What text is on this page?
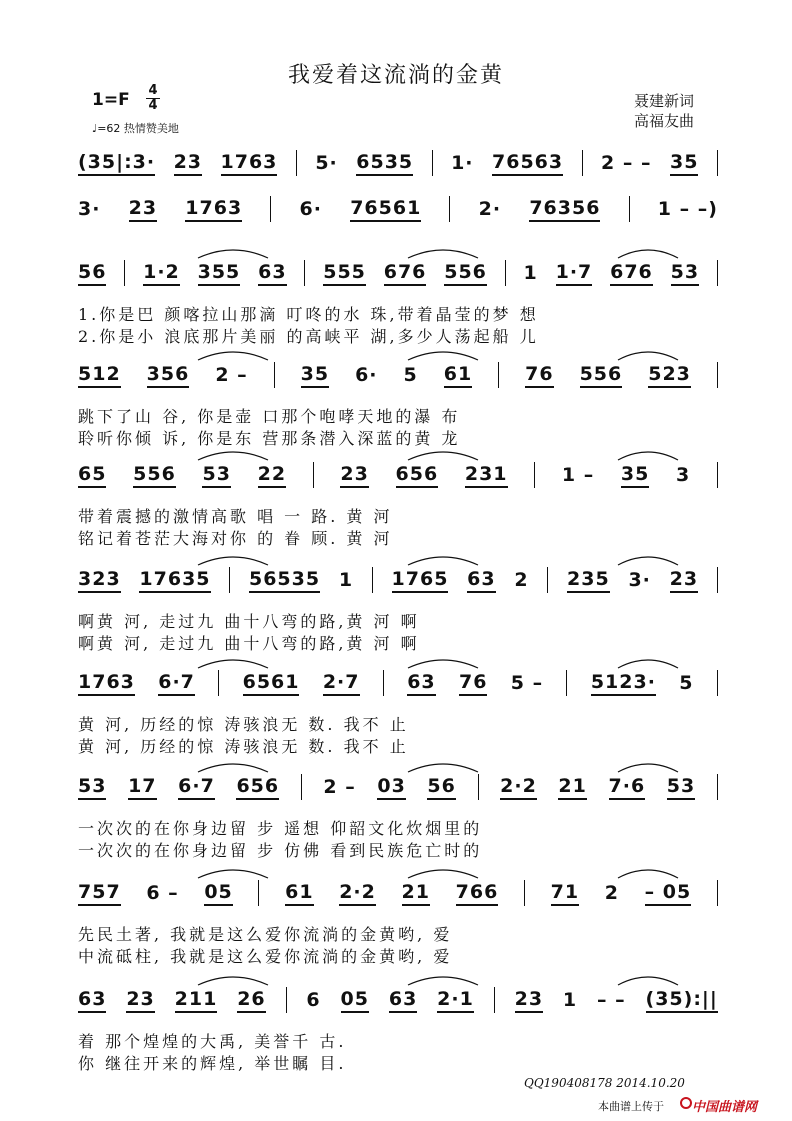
我爱着这流淌的金黄
1=F 4
4
♩=62 热情赞美地
聂建新词
高福友曲
(35|:3· 23 1763 5· 6535 1· 76563 2 – – 35
3· 23 1763	6· 76561	2· 76356	1 – –)
56 1·2 355 63 555 676 556 1 1·7 676 53
1.你是巴 颜喀拉山那滴 叮咚的水 珠,带着晶莹的梦 想
2.你是小 浪底那片美丽 的高峡平 湖,多少人荡起船 儿
512 356 2 –	35 6· 5 61	76 556 523
跳下了山 谷, 你是壶 口那个咆哮天地的瀑 布
聆听你倾 诉, 你是东 营那条潜入深蓝的黄 龙
65 556 53 22	23 656 231	1 – 35 3
带着震撼的激情高歌 唱 一 路. 黄 河
铭记着苍茫大海对你 的 眷 顾. 黄 河
323 17635 56535 1 1765 63 2 235 3· 23
啊黄 河, 走过九 曲十八弯的路,黄 河 啊
啊黄 河, 走过九 曲十八弯的路,黄 河 啊
1763 6·7	6561 2·7	63 76 5 –	5123· 5
黄 河, 历经的惊 涛骇浪无 数. 我不 止
黄 河, 历经的惊 涛骇浪无 数. 我不 止
53 17 6·7 656 2 – 03 56 2·2 21 7·6 53
一次次的在你身边留 步 遥想 仰韶文化炊烟里的
一次次的在你身边留 步 仿佛 看到民族危亡时的
757 6 – 05	61 2·2 21 766	71 2 – 05
先民土著, 我就是这么爱你流淌的金黄哟, 爱
中流砥柱, 我就是这么爱你流淌的金黄哟, 爱
63 23 211 26 6 05 63 2·1 23 1 – – (35):||
着 那个煌煌的大禹, 美誉千 古.
你 继往开来的辉煌, 举世瞩 目.
QQ190408178 2014.10.20
本曲谱上传于 中国曲谱网
